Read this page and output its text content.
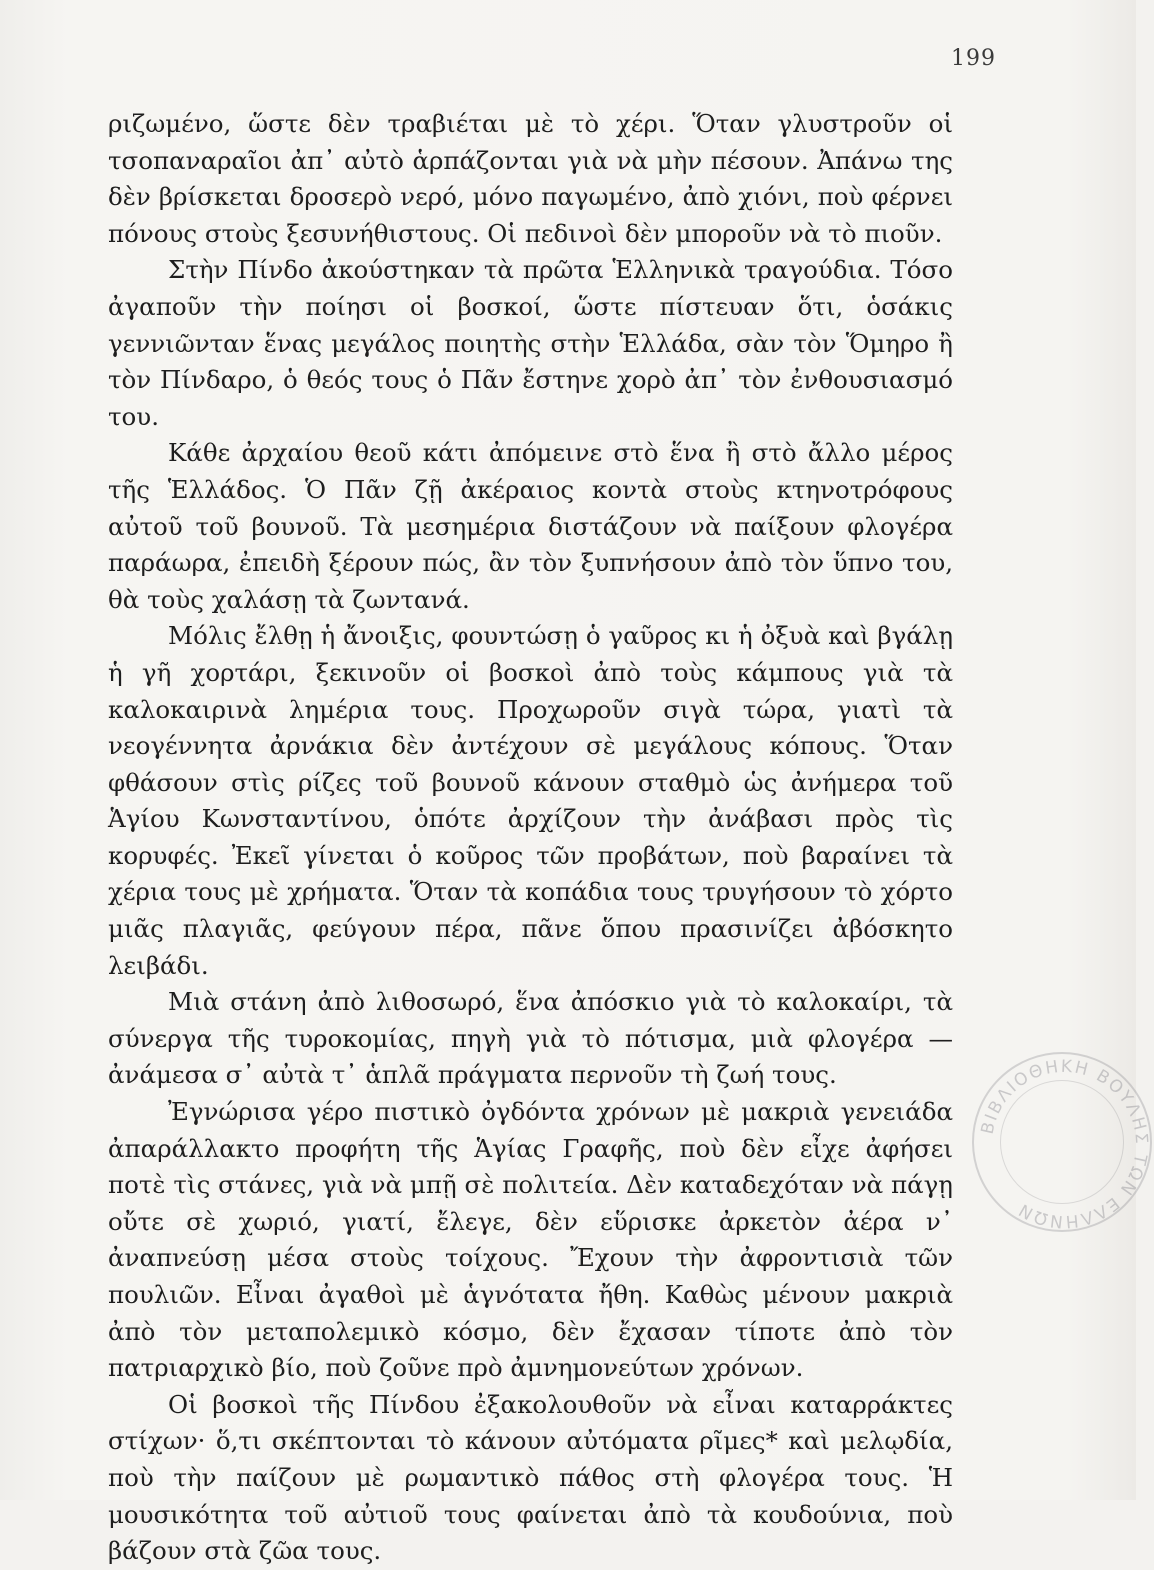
199

ριζωμένο, ὥστε δὲν τραβιέται μὲ τὸ χέρι. Ὅταν γλυστροῦν οἱ τσοπαναραῖοι ἀπ᾿ αὐτὸ ἁρπάζονται γιὰ νὰ μὴν πέσουν. Ἀπάνω της δὲν βρίσκεται δροσερὸ νερό, μόνο παγωμένο, ἀπὸ χιόνι, ποὺ φέρνει πόνους στοὺς ξεσυνήθιστους. Οἱ πεδινοὶ δὲν μποροῦν νὰ τὸ πιοῦν.

Στὴν Πίνδο ἀκούστηκαν τὰ πρῶτα Ἑλληνικὰ τραγούδια. Τόσο ἀγαποῦν τὴν ποίησι οἱ βοσκοί, ὥστε πίστευαν ὅτι, ὁσάκις γεννιῶνταν ἕνας μεγάλος ποιητὴς στὴν Ἑλλάδα, σὰν τὸν Ὅμηρο ἢ τὸν Πίνδαρο, ὁ θεός τους ὁ Πᾶν ἔστηνε χορὸ ἀπ᾿ τὸν ἐνθουσιασμό του.

Κάθε ἀρχαίου θεοῦ κάτι ἀπόμεινε στὸ ἕνα ἢ στὸ ἄλλο μέρος τῆς Ἑλλάδος. Ὁ Πᾶν ζῇ ἀκέραιος κοντὰ στοὺς κτηνοτρόφους αὐτοῦ τοῦ βουνοῦ. Τὰ μεσημέρια διστάζουν νὰ παίξουν φλογέρα παράωρα, ἐπειδὴ ξέρουν πώς, ἂν τὸν ξυπνήσουν ἀπὸ τὸν ὕπνο του, θὰ τοὺς χαλάσῃ τὰ ζωντανά.

Μόλις ἔλθῃ ἡ ἄνοιξις, φουντώσῃ ὁ γαῦρος κι ἡ ὀξυὰ καὶ βγάλῃ ἡ γῆ χορτάρι, ξεκινοῦν οἱ βοσκοὶ ἀπὸ τοὺς κάμπους γιὰ τὰ καλοκαιρινὰ λημέρια τους. Προχωροῦν σιγὰ τώρα, γιατὶ τὰ νεογέννητα ἀρνάκια δὲν ἀντέχουν σὲ μεγάλους κόπους. Ὅταν φθάσουν στὶς ρίζες τοῦ βουνοῦ κάνουν σταθμὸ ὡς ἀνήμερα τοῦ Ἁγίου Κωνσταντίνου, ὁπότε ἀρχίζουν τὴν ἀνάβασι πρὸς τὶς κορυφές. Ἐκεῖ γίνεται ὁ κοῦρος τῶν προβάτων, ποὺ βαραίνει τὰ χέρια τους μὲ χρήματα. Ὅταν τὰ κοπάδια τους τρυγήσουν τὸ χόρτο μιᾶς πλαγιᾶς, φεύγουν πέρα, πᾶνε ὅπου πρασινίζει ἀβόσκητο λειβάδι.

Μιὰ στάνη ἀπὸ λιθοσωρό, ἕνα ἀπόσκιο γιὰ τὸ καλοκαίρι, τὰ σύνεργα τῆς τυροκομίας, πηγὴ γιὰ τὸ πότισμα, μιὰ φλογέρα — ἀνάμεσα σ᾿ αὐτὰ τ᾿ ἁπλᾶ πράγματα περνοῦν τὴ ζωή τους.

Ἐγνώρισα γέρο πιστικὸ ὀγδόντα χρόνων μὲ μακριὰ γενειάδα ἀπαράλλακτο προφήτη τῆς Ἁγίας Γραφῆς, ποὺ δὲν εἶχε ἀφήσει ποτὲ τὶς στάνες, γιὰ νὰ μπῇ σὲ πολιτεία. Δὲν καταδεχόταν νὰ πάγῃ οὔτε σὲ χωριό, γιατί, ἔλεγε, δὲν εὕρισκε ἀρκετὸν ἀέρα ν᾿ ἀναπνεύσῃ μέσα στοὺς τοίχους. Ἔχουν τὴν ἀφροντισιὰ τῶν πουλιῶν. Εἶναι ἀγαθοὶ μὲ ἁγνότατα ἤθη. Καθὼς μένουν μακριὰ ἀπὸ τὸν μεταπολεμικὸ κόσμο, δὲν ἔχασαν τίποτε ἀπὸ τὸν πατριαρχικὸ βίο, ποὺ ζοῦνε πρὸ ἀμνημονεύτων χρόνων.

Οἱ βοσκοὶ τῆς Πίνδου ἐξακολουθοῦν νὰ εἶναι καταρράκτες στίχων· ὅ,τι σκέπτονται τὸ κάνουν αὐτόματα ρῖμες* καὶ μελῳδία, ποὺ τὴν παίζουν μὲ ρωμαντικὸ πάθος στὴ φλογέρα τους. Ἡ μουσικότητα τοῦ αὐτιοῦ τους φαίνεται ἀπὸ τὰ κουδούνια, ποὺ βάζουν στὰ ζῶα τους.

ΒΙΒΛΙΟΘΗΚΗ ΒΟΥΛΗΣ ΤΩΝ ΕΛΛΗΝΩΝ
